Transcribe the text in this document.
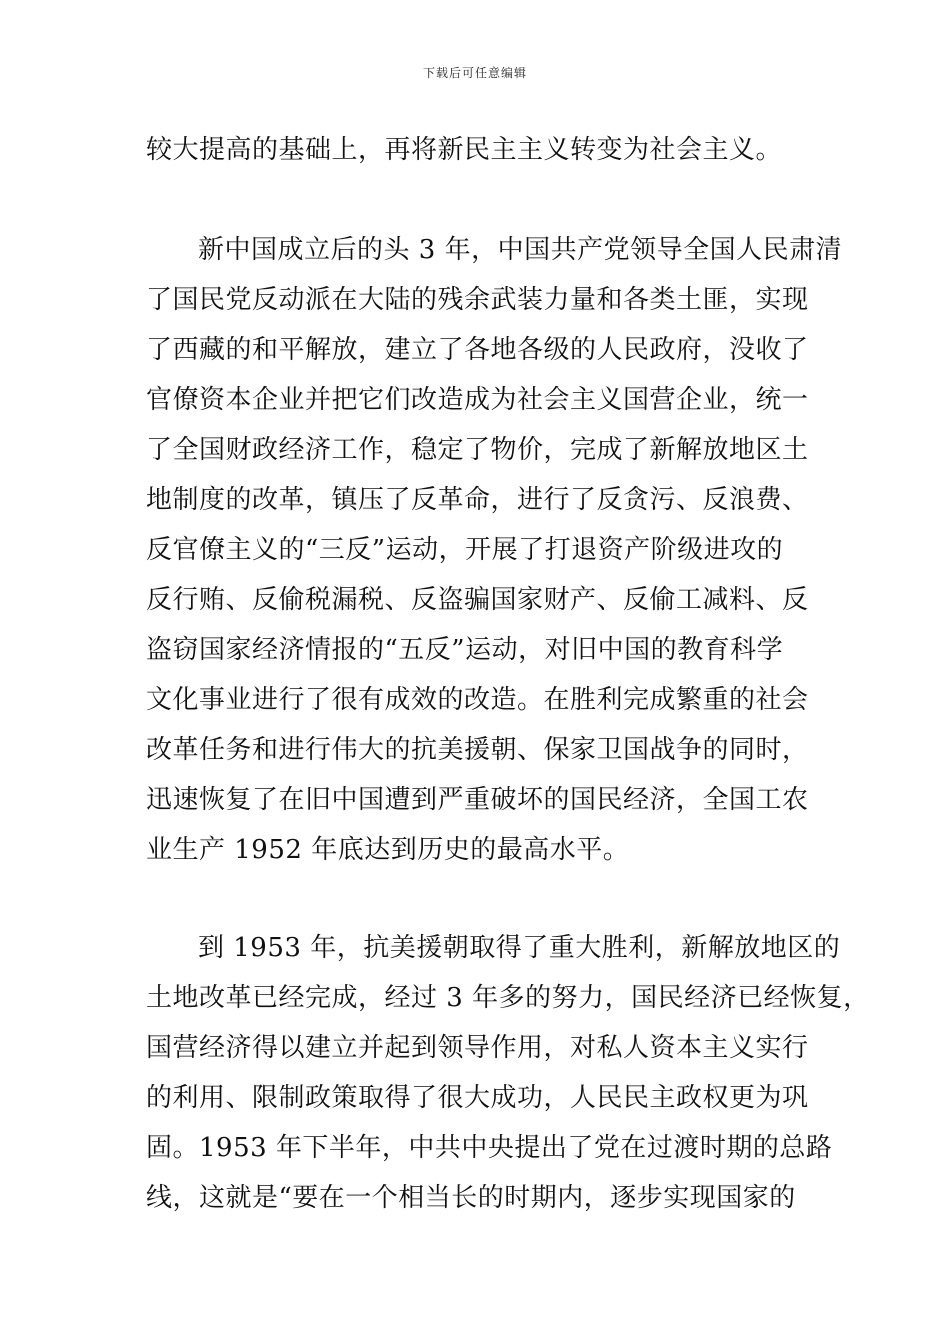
下载后可任意编辑
较大提高的基础上，再将新民主主义转变为社会主义。
新中国成立后的头 3 年，中国共产党领导全国人民肃清
了国民党反动派在大陆的残余武装力量和各类土匪，实现
了西藏的和平解放，建立了各地各级的人民政府，没收了
官僚资本企业并把它们改造成为社会主义国营企业，统一
了全国财政经济工作，稳定了物价，完成了新解放地区土
地制度的改革，镇压了反革命，进行了反贪污、反浪费、
反官僚主义的“三反”运动，开展了打退资产阶级进攻的
反行贿、反偷税漏税、反盗骗国家财产、反偷工减料、反
盗窃国家经济情报的“五反”运动，对旧中国的教育科学
文化事业进行了很有成效的改造。在胜利完成繁重的社会
改革任务和进行伟大的抗美援朝、保家卫国战争的同时，
迅速恢复了在旧中国遭到严重破坏的国民经济，全国工农
业生产 1952 年底达到历史的最高水平。
到 1953 年，抗美援朝取得了重大胜利，新解放地区的
土地改革已经完成，经过 3 年多的努力，国民经济已经恢复，
国营经济得以建立并起到领导作用，对私人资本主义实行
的利用、限制政策取得了很大成功，人民民主政权更为巩
固。1953 年下半年，中共中央提出了党在过渡时期的总路
线，这就是“要在一个相当长的时期内，逐步实现国家的
